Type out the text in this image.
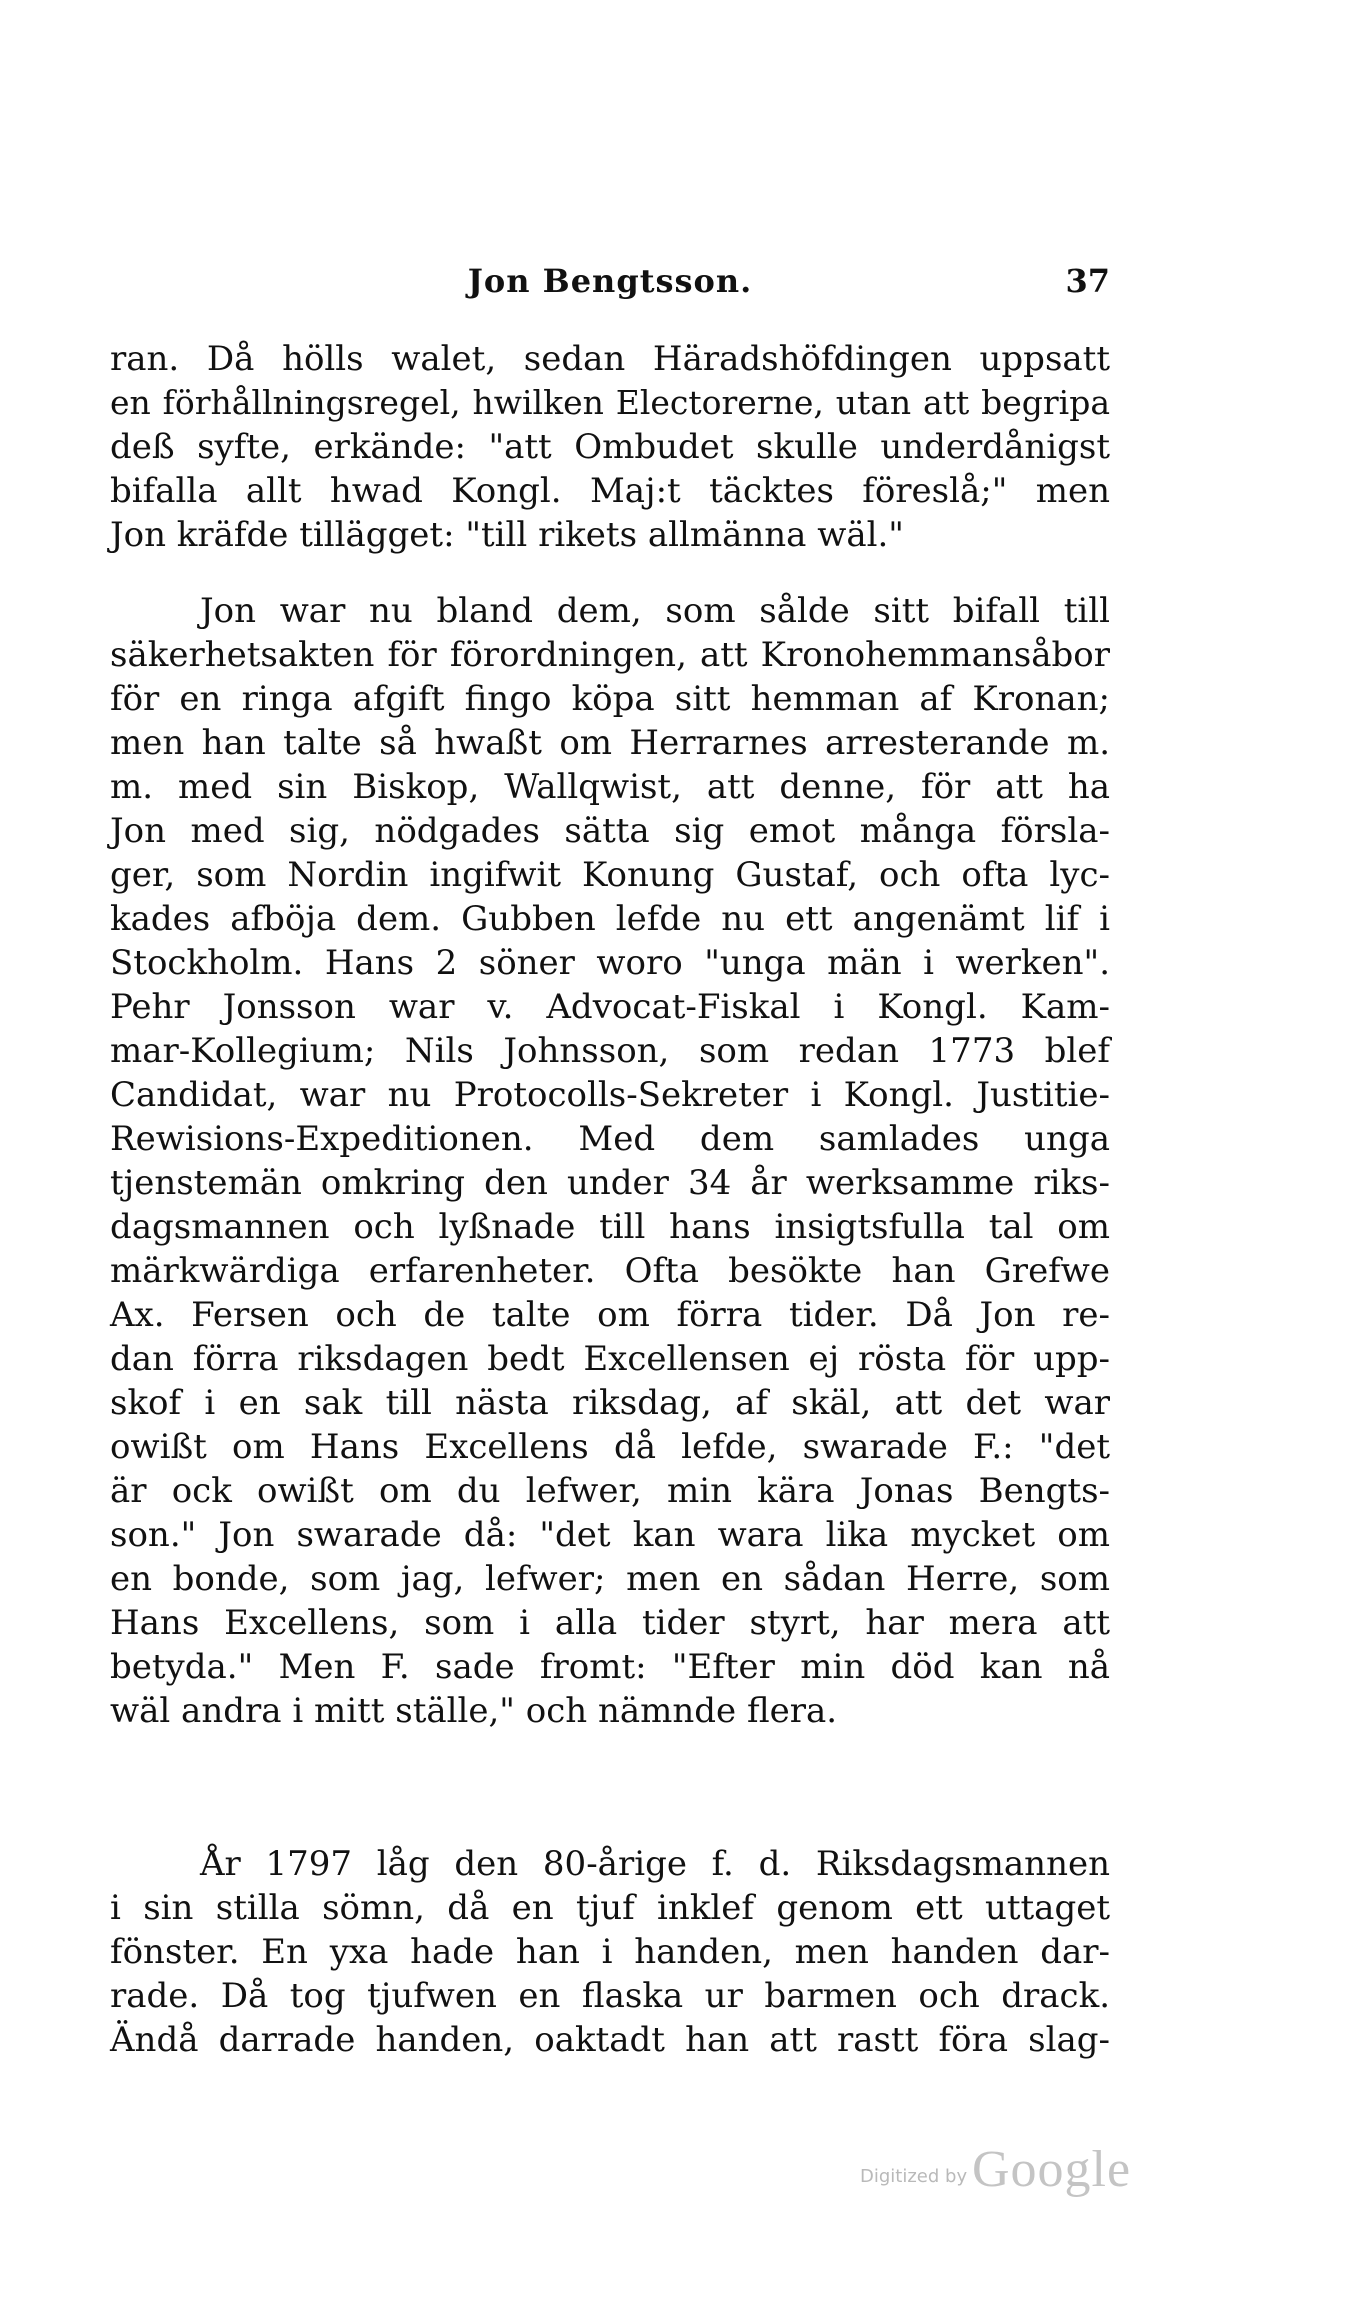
Jon Bengtsson.	37
ran. Då hölls walet, sedan Häradshöfdingen uppsatt
en förhållningsregel, hwilken Electorerne, utan att begripa
deß syfte, erkände: "att Ombudet skulle underdånigst
bifalla allt hwad Kongl. Maj:t täcktes föreslå;" men
Jon kräfde tillägget: "till rikets allmänna wäl."
Jon war nu bland dem, som sålde sitt bifall till
säkerhetsakten för förordningen, att Kronohemmansåbor
för en ringa afgift fingo köpa sitt hemman af Kronan;
men han talte så hwaßt om Herrarnes arresterande m.
m. med sin Biskop, Wallqwist, att denne, för att ha
Jon med sig, nödgades sätta sig emot många försla-
ger, som Nordin ingifwit Konung Gustaf, och ofta lyc-
kades afböja dem. Gubben lefde nu ett angenämt lif i
Stockholm. Hans 2 söner woro "unga män i werken".
Pehr Jonsson war v. Advocat-Fiskal i Kongl. Kam-
mar-Kollegium; Nils Johnsson, som redan 1773 blef
Candidat, war nu Protocolls-Sekreter i Kongl. Justitie-
Rewisions-Expeditionen. Med dem samlades unga
tjenstemän omkring den under 34 år werksamme riks-
dagsmannen och lyßnade till hans insigtsfulla tal om
märkwärdiga erfarenheter. Ofta besökte han Grefwe
Ax. Fersen och de talte om förra tider. Då Jon re-
dan förra riksdagen bedt Excellensen ej rösta för upp-
skof i en sak till nästa riksdag, af skäl, att det war
owißt om Hans Excellens då lefde, swarade F.: "det
är ock owißt om du lefwer, min kära Jonas Bengts-
son." Jon swarade då: "det kan wara lika mycket om
en bonde, som jag, lefwer; men en sådan Herre, som
Hans Excellens, som i alla tider styrt, har mera att
betyda." Men F. sade fromt: "Efter min död kan nå
wäl andra i mitt ställe," och nämnde flera.
År 1797 låg den 80-årige f. d. Riksdagsmannen
i sin stilla sömn, då en tjuf inklef genom ett uttaget
fönster. En yxa hade han i handen, men handen dar-
rade. Då tog tjufwen en flaska ur barmen och drack.
Ändå darrade handen, oaktadt han att rastt föra slag-
Digitized by Google
